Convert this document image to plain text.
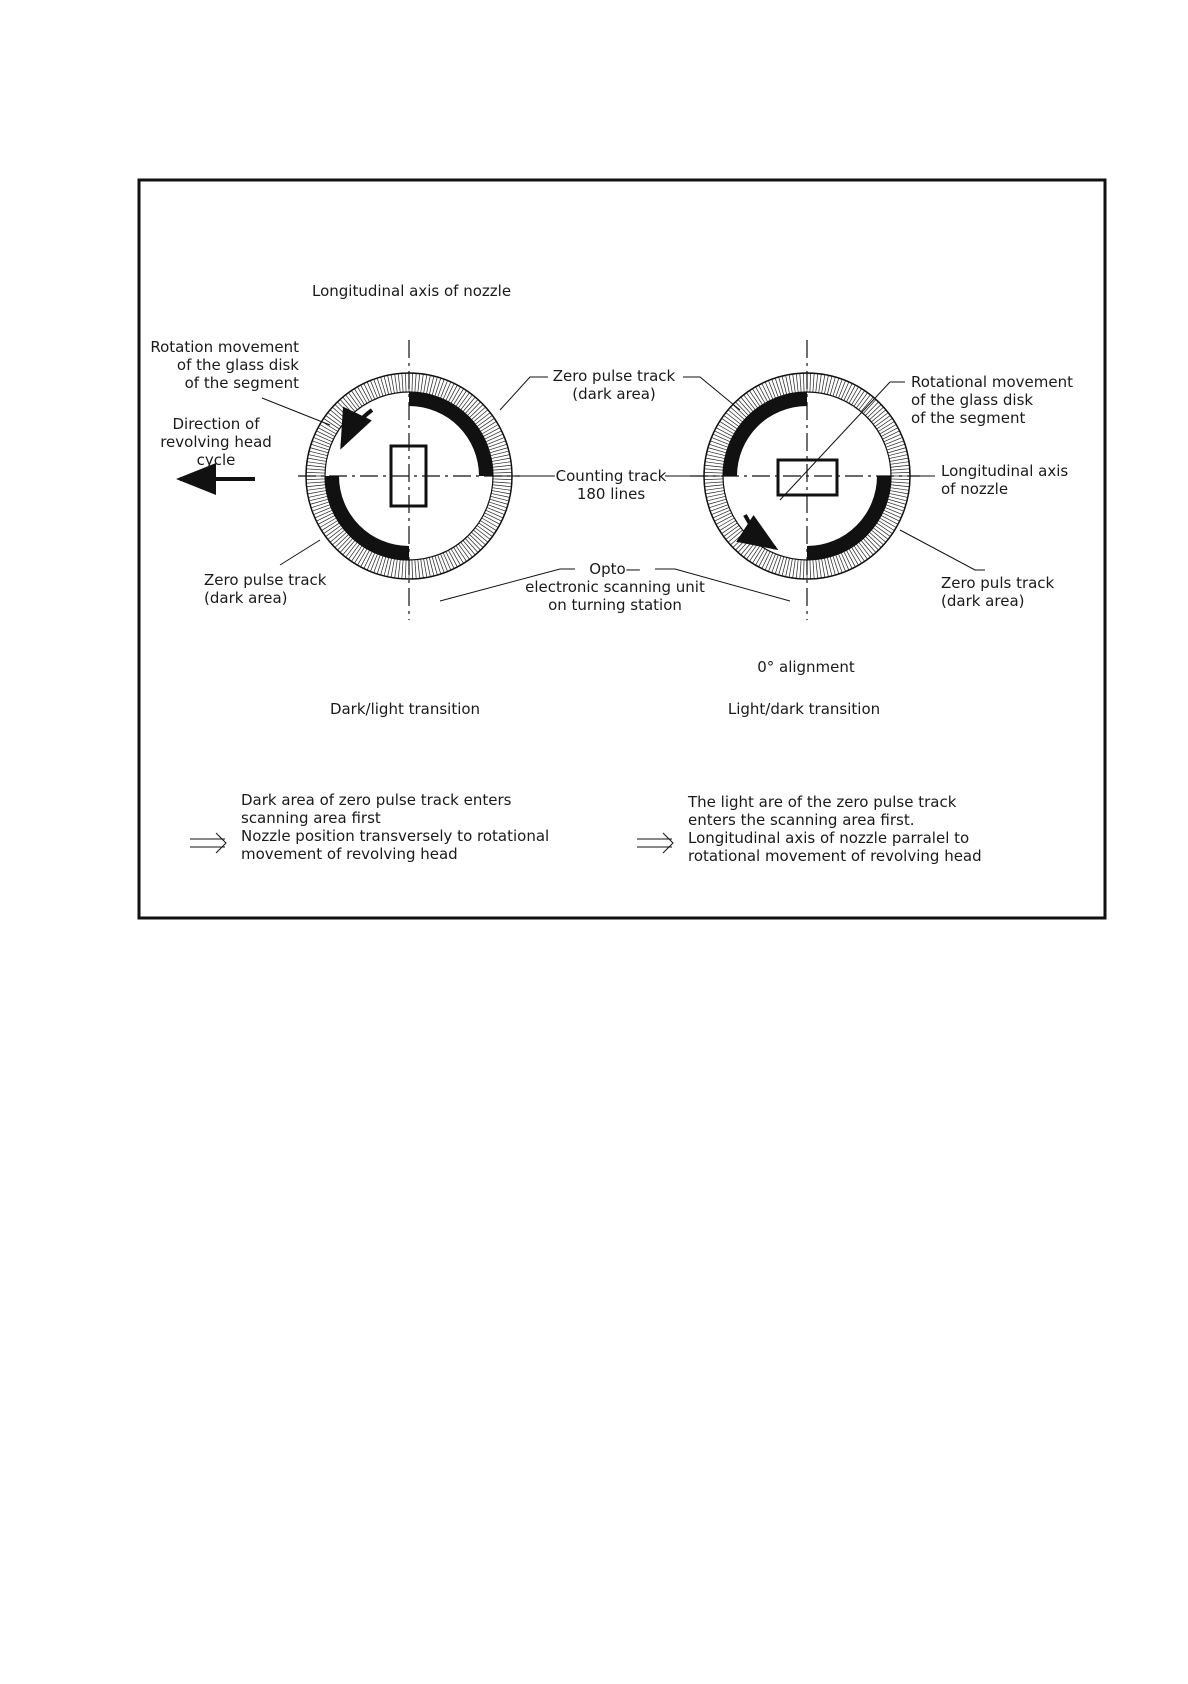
Longitudinal axis of nozzle
Rotation movement
of the glass disk
of the segment
Direction of
revolving head
cycle
Zero pulse track
(dark area)
Rotational movement
of the glass disk
of the segment
Counting track
180 lines
Longitudinal axis
of nozzle
Zero pulse track
(dark area)
Opto—
electronic scanning unit
on turning station
Zero puls track
(dark area)
0° alignment
Dark/light transition	Light/dark transition
Dark area of zero pulse track enters
scanning area first
Nozzle position transversely to rotational
movement of revolving head
The light are of the zero pulse track
enters the scanning area first.
Longitudinal axis of nozzle parralel to
rotational movement of revolving head
